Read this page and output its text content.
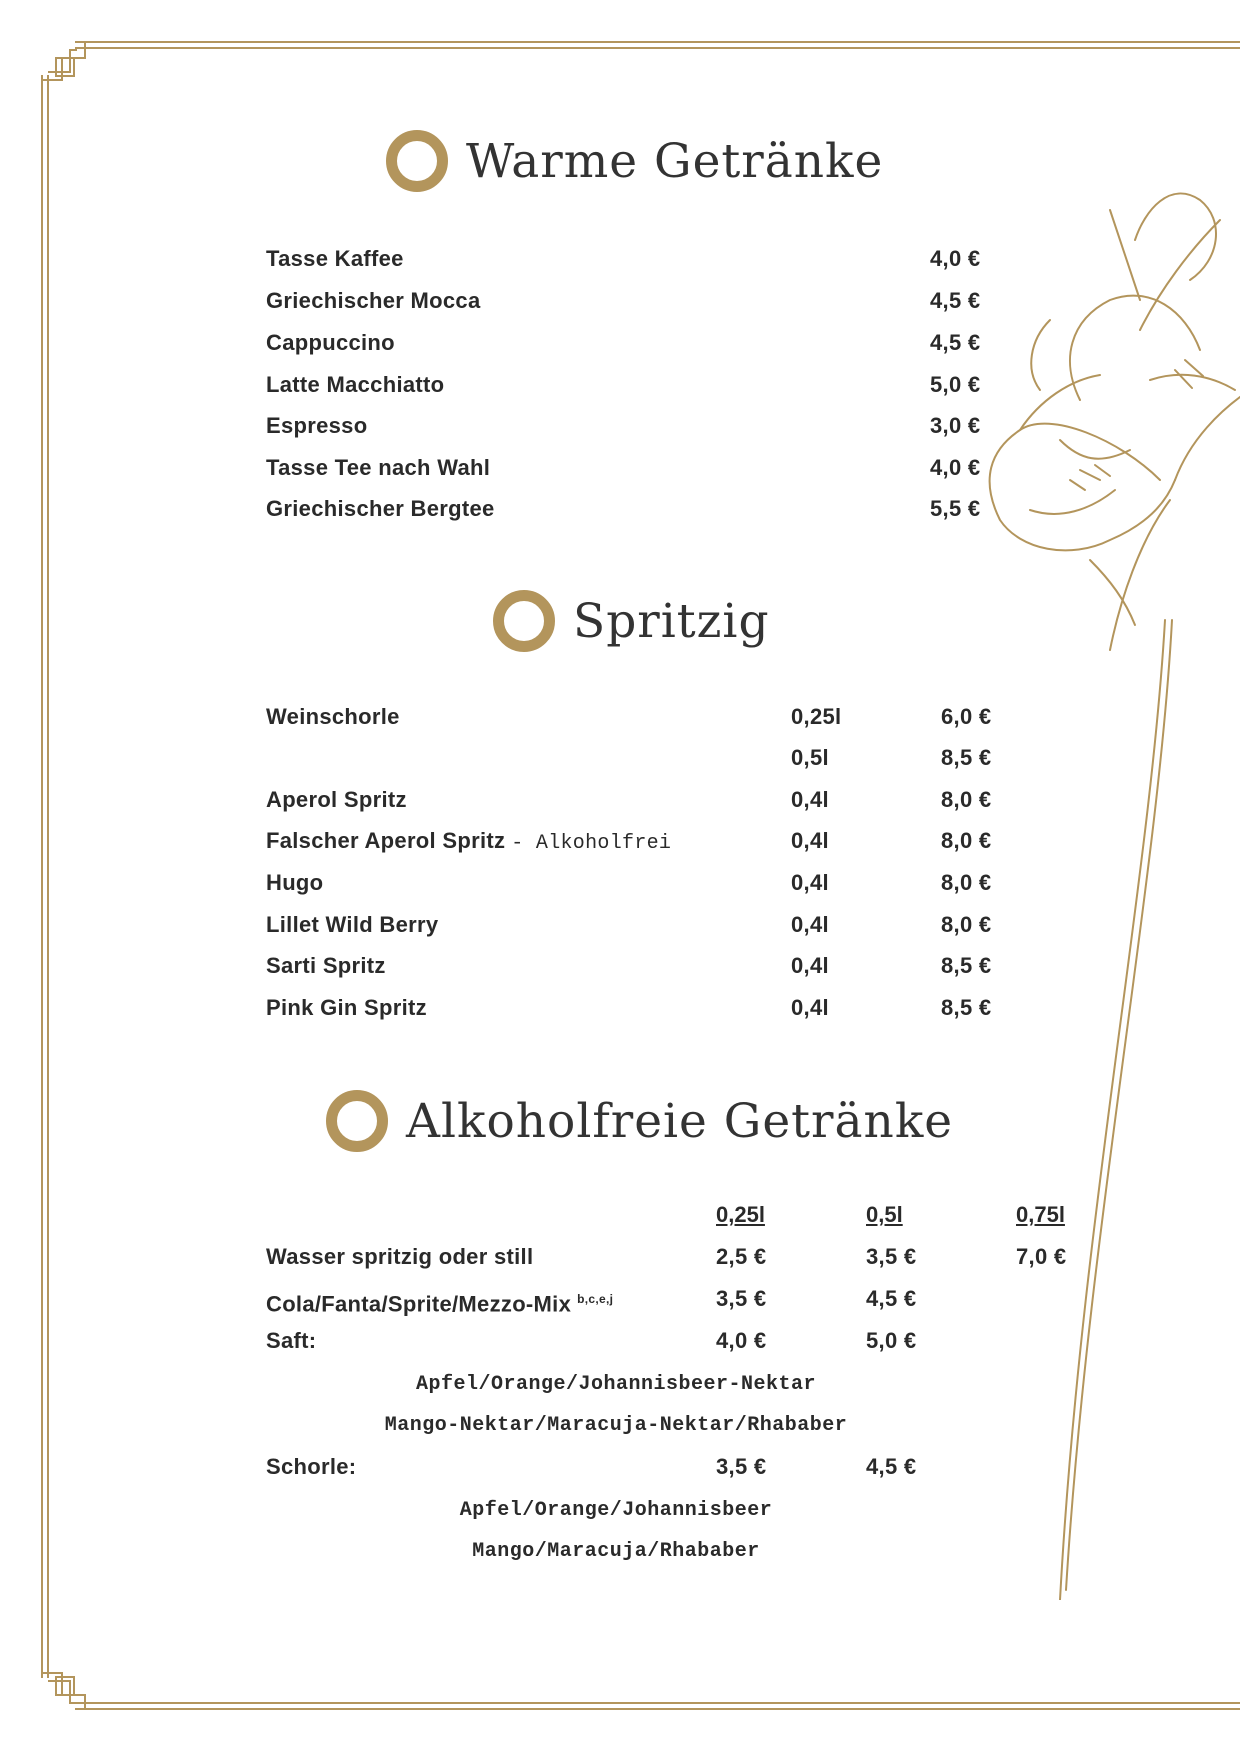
Warme Getränke
Tasse Kaffee	4,0 €
Griechischer Mocca	4,5 €
Cappuccino	4,5 €
Latte Macchiatto	5,0 €
Espresso	3,0 €
Tasse Tee nach Wahl	4,0 €
Griechischer Bergtee	5,5 €
Spritzig
Weinschorle	0,25l	6,0 €
0,5l	8,5 €
Aperol Spritz	0,4l	8,0 €
Falscher Aperol Spritz - Alkoholfrei	0,4l	8,0 €
Hugo	0,4l	8,0 €
Lillet Wild Berry	0,4l	8,0 €
Sarti Spritz	0,4l	8,5 €
Pink Gin Spritz	0,4l	8,5 €
Alkoholfreie Getränke
0,25l	0,5l	0,75l
Wasser spritzig oder still	2,5 €	3,5 €	7,0 €
Cola/Fanta/Sprite/Mezzo-Mix $^{b,c,e,j}$	3,5 €	4,5 €
Saft:	4,0 €	5,0 €
Apfel/Orange/Johannisbeer-Nektar
Mango-Nektar/Maracuja-Nektar/Rhababer
Schorle:	3,5 €	4,5 €
Apfel/Orange/Johannisbeer
Mango/Maracuja/Rhababer
